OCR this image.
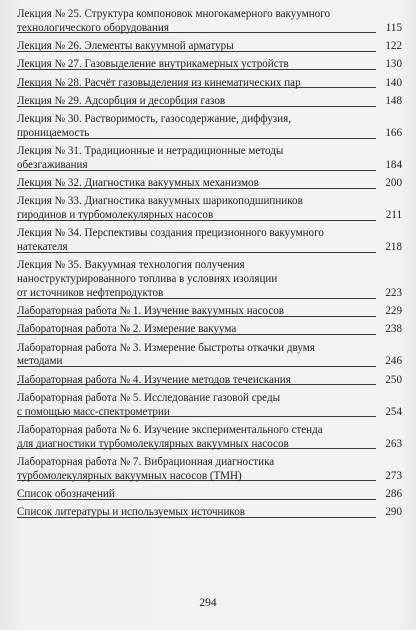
Лекция № 25. Структура компоновок многокамерного вакуумного
технологического оборудования	115
Лекция № 26. Элементы вакуумной арматуры	122
Лекция № 27. Газовыделение внутрикамерных устройств	130
Лекция № 28. Расчёт газовыделения из кинематических пар	140
Лекция № 29. Адсорбция и десорбция газов	148
Лекция № 30. Растворимость, газосодержание, диффузия,
проницаемость	166
Лекция № 31. Традиционные и нетрадиционные методы
обезгаживания	184
Лекция № 32. Диагностика вакуумных механизмов	200
Лекция № 33. Диагностика вакуумных шарикоподшипников
гиродинов и турбомолекулярных насосов	211
Лекция № 34. Перспективы создания прецизионного вакуумного
натекателя	218
Лекция № 35. Вакуумная технология получения
наноструктурированного топлива в условиях изоляции
от источников нефтепродуктов	223
Лабораторная работа № 1. Изучение вакуумных насосов	229
Лабораторная работа № 2. Измерение вакуума	238
Лабораторная работа № 3. Измерение быстроты откачки двумя
методами	246
Лабораторная работа № 4. Изучение методов течеискания	250
Лабораторная работа № 5. Исследование газовой среды
с помощью масс-спектрометрии	254
Лабораторная работа № 6. Изучение экспериментального стенда
для диагностики турбомолекулярных вакуумных насосов	263
Лабораторная работа № 7. Вибрационная диагностика
турбомолекулярных вакуумных насосов (ТМН)	273
Список обозначений	286
Список литературы и используемых источников	290
294
